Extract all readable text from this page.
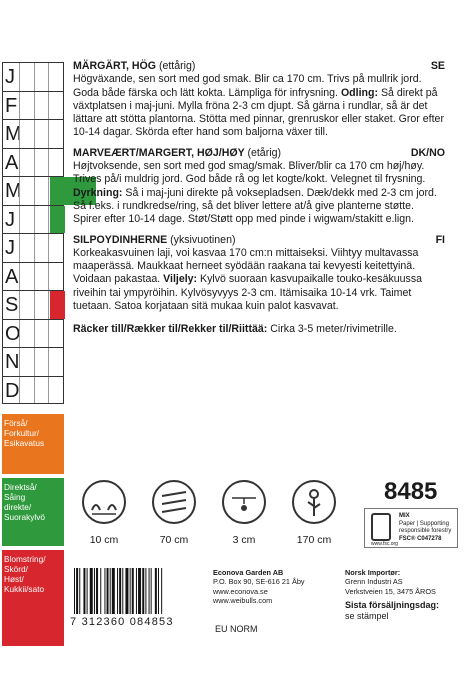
J
F
M
A
M
J
J
A
S
O
N
D
Förså/
Forkultur/
Esikavatus
Direktså/
Såing
direkte/
Suorakylvö
Blomstring/
Skörd/
Høst/
Kukkii/sato
MÄRGÄRT, HÖG (ettårig)	SE

Högväxande, sen sort med god smak. Blir ca 170 cm. Trivs på mullrik jord. Goda både färska och lätt kokta. Lämpliga för infrysning. Odling: Så direkt på växtplatsen i maj-juni. Mylla fröna 2-3 cm djupt. Så gärna i rundlar, så är det lättare att stötta plantorna. Stötta med pinnar, grenruskor eller staket. Gror efter 10-14 dagar. Skörda efter hand som baljorna växer till.

MARVEÆRT/MARGERT, HØJ/HØY (etårig)	DK/NO

Højtvoksende, sen sort med god smag/smak. Bliver/blir ca 170 cm høj/høy. Trives på/i muldrig jord. God både rå og let kogte/kokt. Velegnet til frysning. Dyrkning: Så i maj-juni direkte på voksepladsen. Dæk/dekk med 2-3 cm jord. Så f.eks. i rundkredse/ring, så det bliver lettere at/å give planterne støtte. Spirer efter 10-14 dage. Støt/Støtt opp med pinde i wigwam/stakitt e.lign.

SILPOYDINHERNE (yksivuotinen)	FI

Korkeakasvuinen laji, voi kasvaa 170 cm:n mittaiseksi. Viihtyy multavassa maaperässä. Maukkaat herneet syödään raakana tai kevyesti keitettyinä. Voidaan pakastaa. Viljely: Kylvö suoraan kasvupaikalle touko-kesäkuussa riveihin tai ympyröihin. Kylvösyvyys 2-3 cm. Itämisaika 10-14 vrk. Taimet tuetaan. Satoa korjataan sitä mukaa kuin palot kasvavat.

Räcker till/Rækker til/Rekker til/Riittää: Cirka 3-5 meter/rivimetrille.
10 cm	70 cm	3 cm	170 cm
8485
MIX
Paper | Supporting
responsible forestry
FSC® C047278
www.fsc.org
7 312360 084853
Econova Garden AB
P.O. Box 90, SE-616 21 Åby
www.econova.se
www.weibulls.com
EU NORM
Norsk Importør:
Grenn Industri AS
Verkstveien 15, 3475 ÅROS
Sista försäljningsdag:
se stämpel
